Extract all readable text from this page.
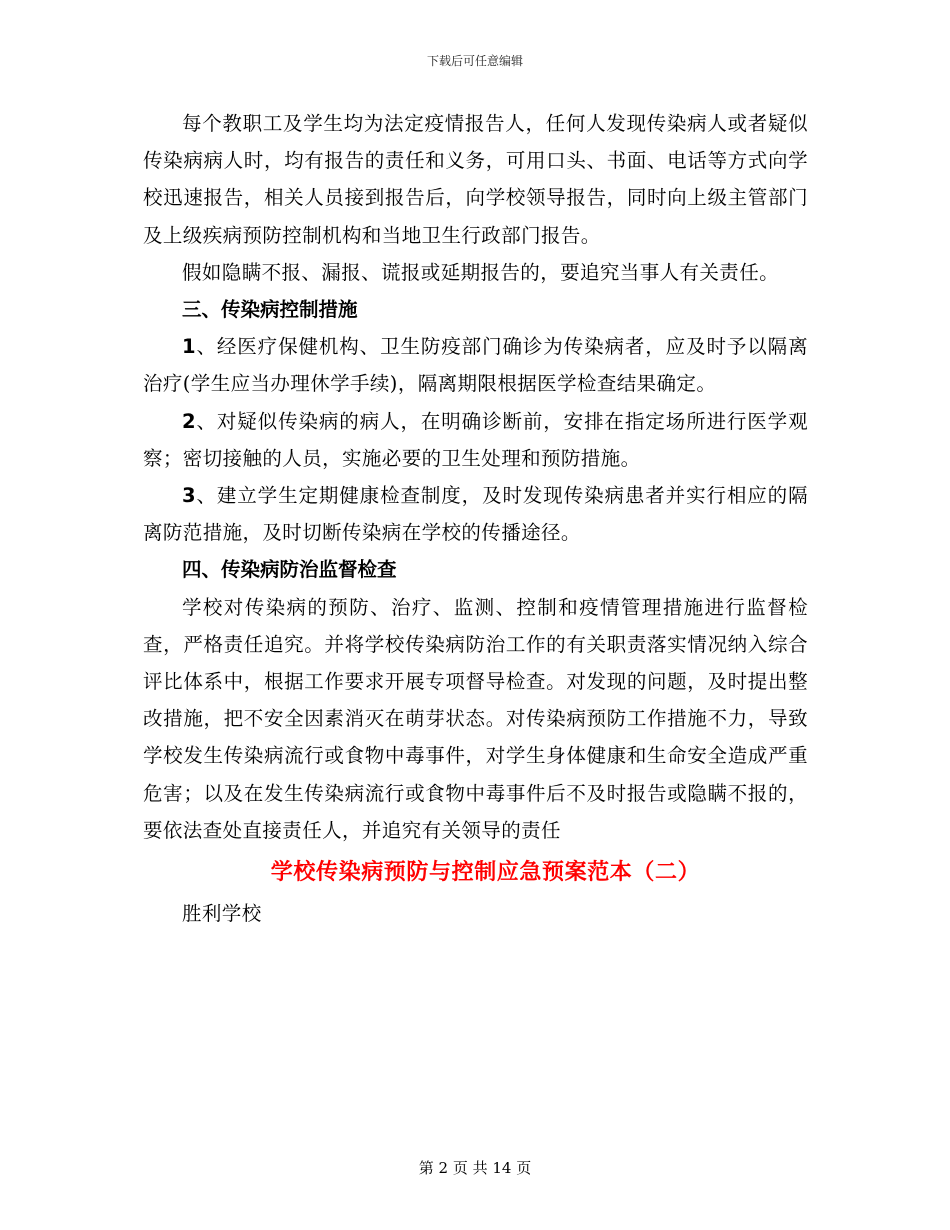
下载后可任意编辑

每个教职工及学生均为法定疫情报告人，任何人发现传染病人或者疑似传染病病人时，均有报告的责任和义务，可用口头、书面、电话等方式向学校迅速报告，相关人员接到报告后，向学校领导报告，同时向上级主管部门及上级疾病预防控制机构和当地卫生行政部门报告。

假如隐瞒不报、漏报、谎报或延期报告的，要追究当事人有关责任。

三、传染病控制措施

1、经医疗保健机构、卫生防疫部门确诊为传染病者，应及时予以隔离治疗(学生应当办理休学手续)，隔离期限根据医学检查结果确定。

2、对疑似传染病的病人，在明确诊断前，安排在指定场所进行医学观察；密切接触的人员，实施必要的卫生处理和预防措施。

3、建立学生定期健康检查制度，及时发现传染病患者并实行相应的隔离防范措施，及时切断传染病在学校的传播途径。

四、传染病防治监督检查

学校对传染病的预防、治疗、监测、控制和疫情管理措施进行监督检查，严格责任追究。并将学校传染病防治工作的有关职责落实情况纳入综合评比体系中，根据工作要求开展专项督导检查。对发现的问题，及时提出整改措施，把不安全因素消灭在萌芽状态。对传染病预防工作措施不力，导致学校发生传染病流行或食物中毒事件，对学生身体健康和生命安全造成严重危害；以及在发生传染病流行或食物中毒事件后不及时报告或隐瞒不报的，要依法查处直接责任人，并追究有关领导的责任

学校传染病预防与控制应急预案范本（二）

胜利学校

第 2 页 共 14 页
